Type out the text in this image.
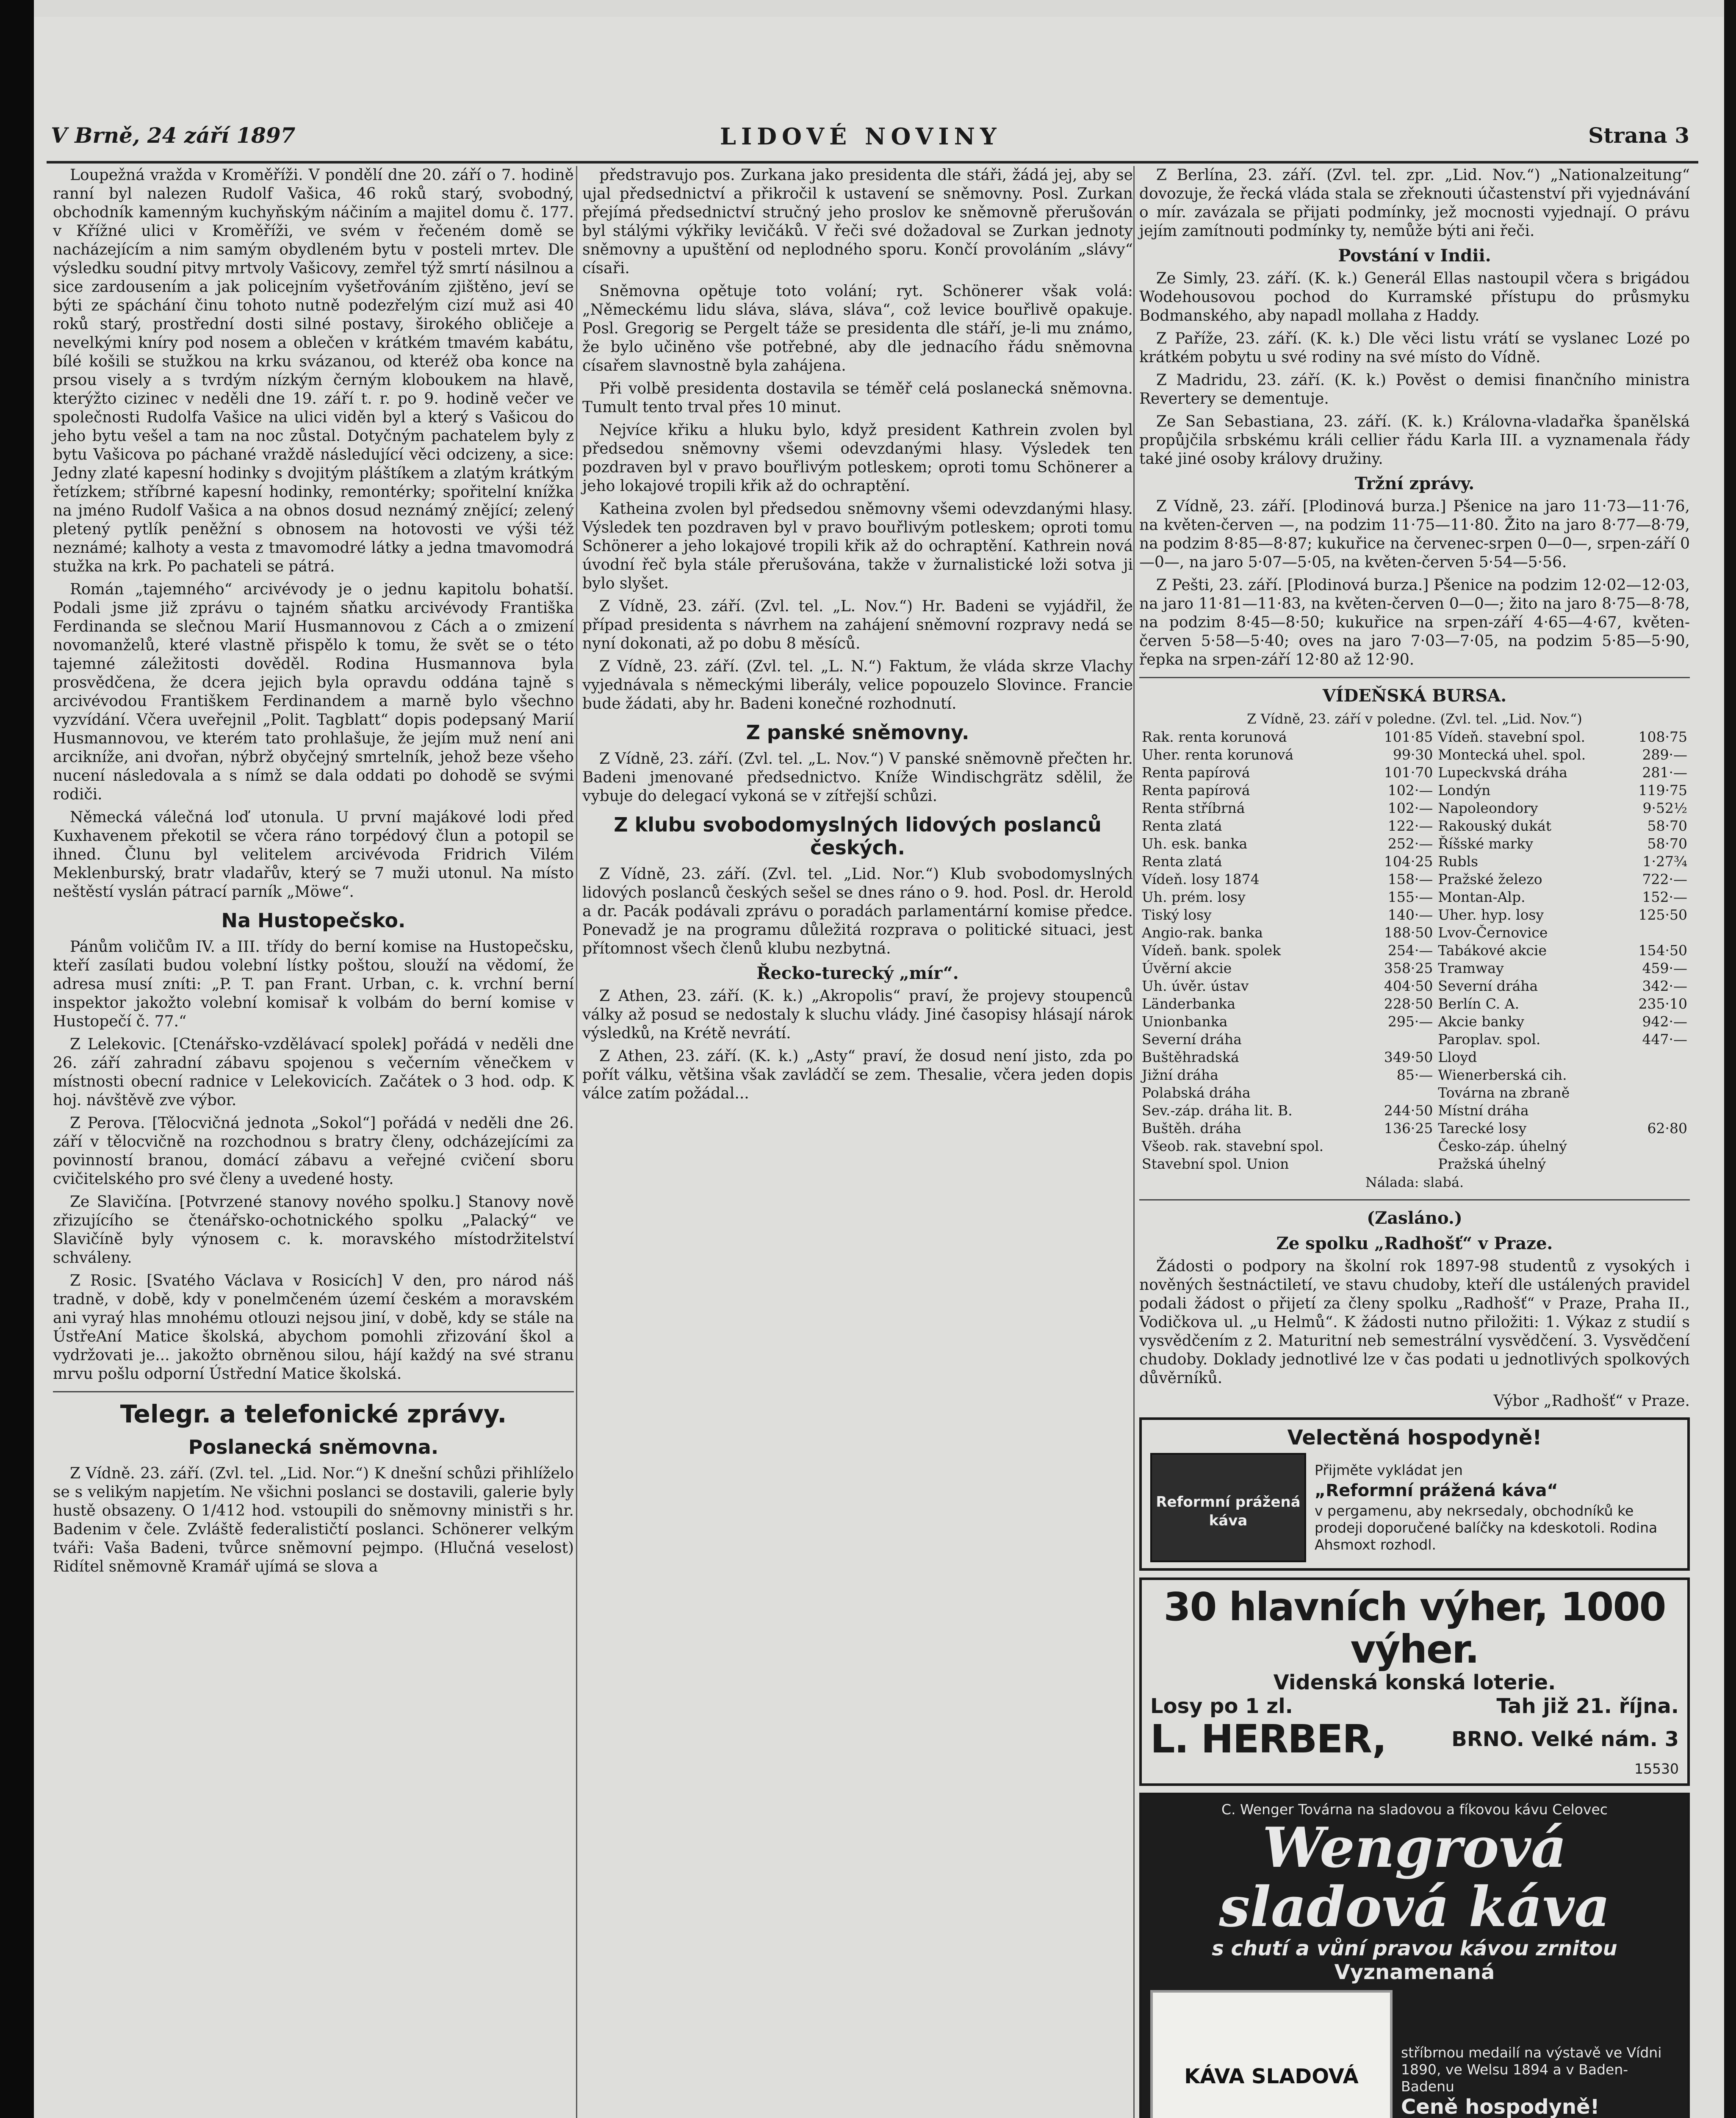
V Brně, 24 září 1897	LIDOVÉ NOVINY	Strana 3

Loupežná vražda v Kroměříži. V pondělí dne 20. září o 7. hodině ranní byl nalezen Rudolf Vašica, 46 roků starý, svobodný, obchodník kamenným kuchyňským náčiním a majitel domu č. 177. v Křížné ulici v Kroměříži, ve svém v řečeném domě se nacházejícím a nim samým obydleném bytu v posteli mrtev. Dle výsledku soudní pitvy mrtvoly Vašicovy, zemřel týž smrtí násilnou a sice zardousením a jak policejním vyšetřováním zjištěno, jeví se býti ze spáchání činu tohoto nutně podezřelým cizí muž asi 40 roků starý, prostřední dosti silné postavy, širokého obličeje a nevelkými kníry pod nosem a oblečen v krátkém tmavém kabátu, bílé košili se stužkou na krku svázanou, od kteréž oba konce na prsou visely a s tvrdým nízkým černým kloboukem na hlavě, kterýžto cizinec v neděli dne 19. září t. r. po 9. hodině večer ve společnosti Rudolfa Vašice na ulici viděn byl a který s Vašicou do jeho bytu vešel a tam na noc zůstal. Dotyčným pachatelem byly z bytu Vašicova po páchané vraždě následující věci odcizeny, a sice: Jedny zlaté kapesní hodinky s dvojitým pláštíkem a zlatým krátkým řetízkem; stříbrné kapesní hodinky, remontérky; spořitelní knížka na jméno Rudolf Vašica a na obnos dosud neznámý znějící; zelený pletený pytlík peněžní s obnosem na hotovosti ve výši též neznámé; kalhoty a vesta z tmavomodré látky a jedna tmavomodrá stužka na krk. Po pachateli se pátrá.

Román „tajemného“ arcivévody je o jednu kapitolu bohatší. Podali jsme již zprávu o tajném sňatku arcivévody Františka Ferdinanda se slečnou Marií Husmannovou z Cách a o zmizení novomanželů, které vlastně přispělo k tomu, že svět se o této tajemné záležitosti dověděl. Rodina Husmannova byla prosvědčena, že dcera jejich byla opravdu oddána tajně s arcivévodou Františkem Ferdinandem a marně bylo všechno vyzvídání. Včera uveřejnil „Polit. Tagblatt“ dopis podepsaný Marií Husmannovou, ve kterém tato prohlašuje, že jejím muž není ani arcikníže, ani dvořan, nýbrž obyčejný smrtelník, jehož beze všeho nucení následovala a s nímž se dala oddati po dohodě se svými rodiči.

Německá válečná loď utonula. U první majákové lodi před Kuxhavenem překotil se včera ráno torpédový člun a potopil se ihned. Člunu byl velitelem arcivévoda Fridrich Vilém Meklenburský, bratr vladařův, který se 7 muži utonul. Na místo neštěstí vyslán pátrací parník „Möwe“.

Na Hustopečsko.

Pánům voličům IV. a III. třídy do berní komise na Hustopečsku, kteří zasílati budou volební lístky poštou, slouží na vědomí, že adresa musí zníti: „P. T. pan Frant. Urban, c. k. vrchní berní inspektor jakožto volební komisař k volbám do berní komise v Hustopečí č. 77.“

Z Lelekovic. [Ctenářsko-vzdělávací spolek] pořádá v neděli dne 26. září zahradní zábavu spojenou s večerním věnečkem v místnosti obecní radnice v Lelekovicích. Začátek o 3 hod. odp. K hoj. návštěvě zve výbor.

Z Perova. [Tělocvičná jednota „Sokol“] pořádá v neděli dne 26. září v tělocvičně na rozchodnou s bratry členy, odcházejícími za povinností branou, domácí zábavu a veřejné cvičení sboru cvičitelského pro své členy a uvedené hosty.

Ze Slavičína. [Potvrzené stanovy nového spolku.] Stanovy nově zřizujícího se čtenářsko-ochotnického spolku „Palacký“ ve Slavičíně byly výnosem c. k. moravského místodržitelství schváleny.

Z Rosic. [Svatého Václava v Rosicích] V den, pro národ náš tradně, v době, kdy v ponelmčeném území českém a moravském ani vyraý hlas mnohému otlouzi nejsou jiní, v době, kdy se stále na ÚstřeAní Matice školská, abychom pomohli zřizování škol a vydržovati je... jakožto obrněnou silou, hájí každý na své stranu mrvu pošlu odporní Ústřední Matice školská.

Telegr. a telefonické zprávy.
Poslanecká sněmovna.

Z Vídně. 23. září. (Zvl. tel. „Lid. Nor.“) K dnešní schůzi přihlíželo se s velikým napjetím. Ne všichni poslanci se dostavili, galerie byly hustě obsazeny. O 1/412 hod. vstoupili do sněmovny ministři s hr. Badenim v čele. Zvláště federalističtí poslanci. Schönerer velkým tváři: Vaša Badeni, tvůrce sněmovní pejmpo. (Hlučná veselost) Ridítel sněmovně Kramář ujímá se slova a

předstravujo pos. Zurkana jako presidenta dle stáři, žádá jej, aby se ujal předsednictví a přikročil k ustavení se sněmovny. Posl. Zurkan přejímá předsednictví stručný jeho proslov ke sněmovně přerušován byl stálými výkřiky levičáků. V řeči své dožadoval se Zurkan jednoty sněmovny a upuštění od neplodného sporu. Končí provoláním „slávy“ císaři.

Sněmovna opětuje toto volání; ryt. Schönerer však volá: „Německému lidu sláva, sláva, sláva“, což levice bouřlivě opakuje. Posl. Gregorig se Pergelt táže se presidenta dle stáří, je-li mu známo, že bylo učiněno vše potřebné, aby dle jednacího řádu sněmovna císařem slavnostně byla zahájena.

Při volbě presidenta dostavila se téměř celá poslanecká sněmovna. Tumult tento trval přes 10 minut.

Nejvíce křiku a hluku bylo, když president Kathrein zvolen byl předsedou sněmovny všemi odevzdanými hlasy. Výsledek ten pozdraven byl v pravo bouřlivým potleskem; oproti tomu Schönerer a jeho lokajové tropili křik až do ochraptění.

Katheina zvolen byl předsedou sněmovny všemi odevzdanými hlasy. Výsledek ten pozdraven byl v pravo bouřlivým potleskem; oproti tomu Schönerer a jeho lokajové tropili křik až do ochraptění. Kathrein nová úvodní řeč byla stále přerušována, takže v žurnalistické loži sotva ji bylo slyšet.

Z Vídně, 23. září. (Zvl. tel. „L. Nov.“) Hr. Badeni se vyjádřil, že případ presidenta s návrhem na zahájení sněmovní rozpravy nedá se nyní dokonati, až po dobu 8 měsíců.

Z Vídně, 23. září. (Zvl. tel. „L. N.“) Faktum, že vláda skrze Vlachy vyjednávala s německými liberály, velice popouzelo Slovince. Francie bude žádati, aby hr. Badeni konečné rozhodnutí.

Z panské sněmovny.

Z Vídně, 23. září. (Zvl. tel. „L. Nov.“) V panské sněmovně přečten hr. Badeni jmenované předsednictvo. Kníže Windischgrätz sdělil, že vybuje do delegací vykoná se v zítřejší schůzi.

Z klubu svobodomyslných lidových poslanců českých.

Z Vídně, 23. září. (Zvl. tel. „Lid. Nor.“) Klub svobodomyslných lidových poslanců českých sešel se dnes ráno o 9. hod. Posl. dr. Herold a dr. Pacák podávali zprávu o poradách parlamentární komise předce. Ponevadž je na programu důležitá rozprava o politické situaci, jest přítomnost všech členů klubu nezbytná.

Řecko-turecký „mír“.

Z Athen, 23. září. (K. k.) „Akropolis“ praví, že projevy stoupenců války až posud se nedostaly k sluchu vlády. Jiné časopisy hlásají nárok výsledků, na Krétě nevrátí.

Z Athen, 23. září. (K. k.) „Asty“ praví, že dosud není jisto, zda po pořít válku, většina však zavládčí se zem. Thesalie, včera jeden dopis válce zatím požádal...

Z Berlína, 23. září. (Zvl. tel. zpr. „Lid. Nov.“) „Nationalzeitung“ dovozuje, že řecká vláda stala se zřeknouti účastenství při vyjednávání o mír. zavázala se přijati podmínky, jež mocnosti vyjednají. O právu jejím zamítnouti podmínky ty, nemůže býti ani řeči.

Povstání v Indii.

Ze Simly, 23. září. (K. k.) Generál Ellas nastoupil včera s brigádou Wodehousovou pochod do Kurramské přístupu do průsmyku Bodmanského, aby napadl mollaha z Haddy.

Z Paříže, 23. září. (K. k.) Dle věci listu vrátí se vyslanec Lozé po krátkém pobytu u své rodiny na své místo do Vídně.

Z Madridu, 23. září. (K. k.) Pověst o demisi finančního ministra Revertery se dementuje.

Ze San Sebastiana, 23. září. (K. k.) Královna-vladařka španělská propůjčila srbskému králi cellier řádu Karla III. a vyznamenala řády také jiné osoby královy družiny.

Tržní zprávy.

Z Vídně, 23. září. [Plodinová burza.] Pšenice na jaro 11·73—11·76, na květen-červen —, na podzim 11·75—11·80. Žito na jaro 8·77—8·79, na podzim 8·85—8·87; kukuřice na červenec-srpen 0—0—, srpen-září 0—0—, na jaro 5·07—5·05, na květen-červen 5·54—5·56.

Z Pešti, 23. září. [Plodinová burza.] Pšenice na podzim 12·02—12·03, na jaro 11·81—11·83, na květen-červen 0—0—; žito na jaro 8·75—8·78, na podzim 8·45—8·50; kukuřice na srpen-září 4·65—4·67, květen-červen 5·58—5·40; oves na jaro 7·03—7·05, na podzim 5·85—5·90, řepka na srpen-září 12·80 až 12·90.

VÍDEŇSKÁ BURSA.
Z Vídně, 23. září v poledne. (Zvl. tel. „Lid. Nov.“)
Rak. renta korunová	101·85	Vídeň. stavební spol.	108·75
Uher. renta korunová	99·30	Montecká uhel. spol.	289·—
Renta papírová	101·70	Lupeckvská dráha	281·—
Renta papírová	102·—	Londýn	119·75
Renta stříbrná	102·—	Napoleondory	9·52½
Renta zlatá	122·—	Rakouský dukát	58·70
Uh. esk. banka	252·—	Říšské marky	58·70
Renta zlatá	104·25	Rubls	1·27¾
Vídeň. losy 1874	158·—	Pražské železo	722·—
Uh. prém. losy	155·—	Montan-Alp.	152·—
Tiský losy	140·—	Uher. hyp. losy	125·50
Angio-rak. banka	188·50	Lvov-Černovice	
Vídeň. bank. spolek	254·—	Tabákové akcie	154·50
Úvěrní akcie	358·25	Tramway	459·—
Uh. úvěr. ústav	404·50	Severní dráha	342·—
Länderbanka	228·50	Berlín C. A.	235·10
Unionbanka	295·—	Akcie banky	942·—
Severní dráha		Paroplav. spol.	447·—
Buštěhradská	349·50	Lloyd	
Jižní dráha	85·—	Wienerberská cih.	
Polabská dráha		Továrna na zbraně	
Sev.-záp. dráha lit. B.	244·50	Místní dráha	
Buštěh. dráha	136·25	Tarecké losy	62·80
Všeob. rak. stavební spol.		Česko-záp. úhelný	
Stavební spol. Union		Pražská úhelný	
Nálada: slabá.
(Zasláno.)
Ze spolku „Radhošť“ v Praze.

Žádosti o podpory na školní rok 1897-98 studentů z vysokých i nověných šestnáctiletí, ve stavu chudoby, kteří dle ustálených pravidel podali žádost o přijetí za členy spolku „Radhošť“ v Praze, Praha II., Vodičkova ul. „u Helmů“. K žádosti nutno přiložiti: 1. Výkaz z studií s vysvědčením z 2. Maturitní neb semestrální vysvědčení. 3. Vysvědčení chudoby. Doklady jednotlivé lze v čas podati u jednotlivých spolkových důvěrníků.

Výbor „Radhošť“ v Praze.

Velectěná hospodyně!
Reformní prážená káva
Přijměte vykládat jen
„Reformní prážená káva“
v pergamenu, aby nekrsedaly, obchodníků ke prodeji doporučené balíčky na kdeskotoli. Rodina Ahsmoxt rozhodl.
30 hlavních výher, 1000 výher.
Videnská konská loterie.
Losy po 1 zl.	Tah již 21. října.
L. HERBER,	BRNO. Velké nám. 3
15530
C. Wenger Továrna na sladovou a fíkovou kávu Celovec
Wengrová sladová káva
s chutí a vůní pravou kávou zrnitou
Vyznamenaná
KÁVA SLADOVÁ
stříbrnou medailí na výstavě ve Vídni 1890, ve Welsu 1894 a v Baden-Badenu
Ceně hospodyně!
